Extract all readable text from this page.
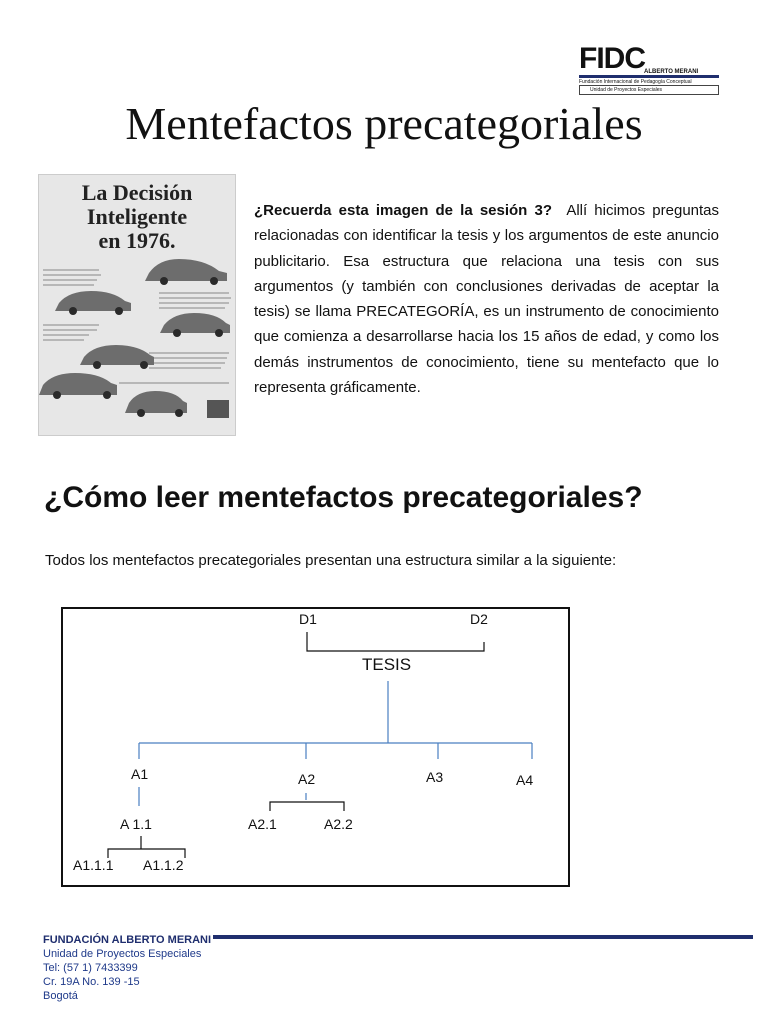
FIDC ALBERTO MERANI
Fundación Internacional de Pedagogía Conceptual
Unidad de Proyectos Especiales
Mentefactos precategoriales
La Decisión
Inteligente
en 1976.

¿Recuerda esta imagen de la sesión 3? Allí hicimos preguntas relacionadas con identificar la tesis y los argumentos de este anuncio publicitario. Esa estructura que relaciona una tesis con sus argumentos (y también con conclusiones derivadas de aceptar la tesis) se llama PRECATEGORÍA, es un instrumento de conocimiento que comienza a desarrollarse hacia los 15 años de edad, y como los demás instrumentos de conocimiento, tiene su mentefacto que lo representa gráficamente.

¿Cómo leer mentefactos precategoriales?

Todos los mentefactos precategoriales presentan una estructura similar a la siguiente:

D1	D2
TESIS
A1	A2	A3	A4
A 1.1	A2.1	A2.2
A1.1.1 A1.1.2
FUNDACIÓN ALBERTO MERANI
Unidad de Proyectos Especiales
Tel: (57 1) 7433399
Cr. 19A No. 139 -15
Bogotá
